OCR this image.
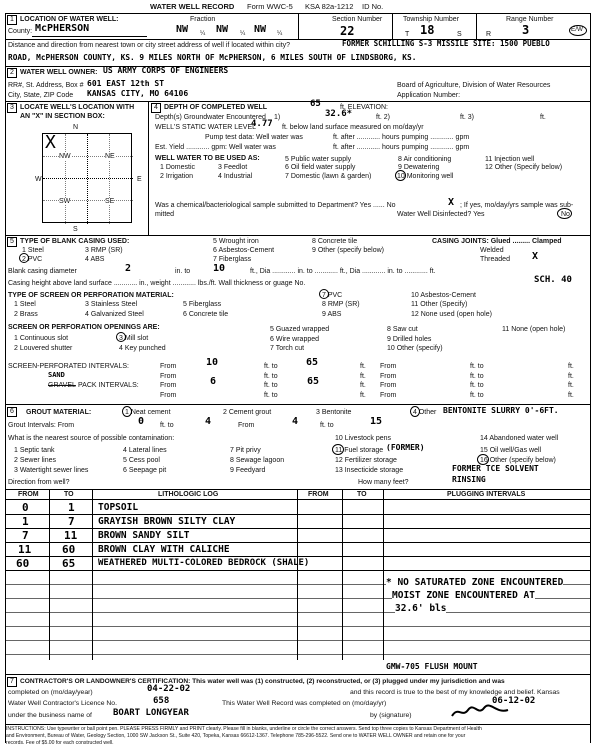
WATER WELL RECORD Form WWC-5 KSA 82a-1212 ID No.
1 LOCATION OF WATER WELL:
County: McPHERSON
Fraction
NW ¼ NW ¼ NW ¼
Section Number
22
Township Number
T 18	S
Range Number
R	3	E/W
Distance and direction from nearest town or city street address of well if located within city?	FORMER SCHILLING S-3 MISSILE SITE: 1500 PUEBLO
ROAD, McPHERSON COUNTY, KS. 9 MILES NORTH OF McPHERSON, 6 MILES SOUTH OF LINDSBORG, KS.
2 WATER WELL OWNER: US ARMY CORPS OF ENGINEERS
RR#, St. Address, Box # 601 EAST 12th ST
City, State, ZIP Code KANSAS CITY, MO 64106
Board of Agriculture, Division of Water Resources
Application Number:
3 LOCATE WELL'S LOCATION WITH
AN "X" IN SECTION BOX:
N
S
W	E
NW	NE
SW	SE
X
4 DEPTH OF COMPLETED WELL	65	ft. ELEVATION:
Depth(s) Groundwater Encountered 1)	32.6*	ft. 2)	ft. 3)	ft.
WELL'S STATIC WATER LEVEL
4.77 ft. below land surface measured on mo/day/yr
Pump test data: Well water was	ft. after ............ hours pumping ............ gpm
Est. Yield ............ gpm: Well water was	ft. after ............ hours pumping ............ gpm
WELL WATER TO BE USED AS:
1 Domestic	3 Feedlot
5 Public water supply
6 Oil field water supply
7 Domestic (lawn & garden)
2 Irrigation	4 Industrial
8 Air conditioning
9 Dewatering
10 Monitoring well
11 Injection well
12 Other (Specify below)
Was a chemical/bacteriological sample submitted to Department? Yes ...... No	X ; If yes, mo/day/yrs sample was sub-
mitted	Water Well Disinfected? Yes	No
5 TYPE OF BLANK CASING USED:
1 Steel
2 PVC
3 RMP (SR)
4 ABS
5 Wrought iron
6 Asbestos-Cement
7 Fiberglass
8 Concrete tile
9 Other (specify below)
CASING JOINTS: Glued ......... Clamped
Welded
Threaded X
Blank casing diameter	2	in. to 10	ft., Dia ............ in. to ............ ft., Dia ............ in. to ............ ft.
Casing height above land surface ............ in., weight ............ lbs./ft. Wall thickness or guage No.	SCH. 40
TYPE OF SCREEN OR PERFORATION MATERIAL:
1 Steel
2 Brass
3 Stainless Steel
4 Galvanized Steel
5 Fiberglass
6 Concrete tile
7 PVC
8 RMP (SR)
9 ABS
10 Asbestos-Cement
11 Other (Specify)
12 None used (open hole)
SCREEN OR PERFORATION OPENINGS ARE:
1 Continuous slot
2 Louvered shutter
3 Mill slot
4 Key punched
5 Guazed wrapped
6 Wire wrapped
7 Torch cut
8 Saw cut
9 Drilled holes
10 Other (specify)
11 None (open hole)
SCREEN-PERFORATED INTERVALS:	From	10	ft. to	65	ft.
From	ft. to	ft.
From	ft. to	ft.
From	ft. to	ft.
SAND
GRAVEL PACK INTERVALS:	From	6	ft. to	65	ft.
From	ft. to	ft.
From	ft. to	ft.
From	ft. to	ft.
6	GROUT MATERIAL:	1 Neat cement	2 Cement grout	3 Bentonite	4 Other BENTONITE SLURRY 0'-6FT.
Grout Intervals: From	0 ft. to	4	From	4	ft. to	15
What is the nearest source of possible contamination:
1 Septic tank
2 Sewer lines
3 Watertight sewer lines
4 Lateral lines
5 Cess pool
6 Seepage pit
7 Pit privy
8 Sewage lagoon
9 Feedyard
10 Livestock pens
11 Fuel storage (FORMER)
12 Fertilizer storage
13 Insecticide storage
14 Abandoned water well
15 Oil well/Gas well
16 Other (specify below)
FORMER TCE SOLVENT
Direction from well?	How many feet?	RINSING
FROM	TO	LITHOLOGIC LOG	FROM	TO	PLUGGING INTERVALS
0	1 TOPSOIL
1	7 GRAYISH BROWN SILTY CLAY
7	11 BROWN SANDY SILT
11	60 BROWN CLAY WITH CALICHE
60	65	WEATHERED MULTI-COLORED BEDROCK (SHALE)
* NO SATURATED ZONE ENCOUNTERED
MOIST ZONE ENCOUNTERED AT
32.6' bls
GMW-705 FLUSH MOUNT
7 CONTRACTOR'S OR LANDOWNER'S CERTIFICATION: This water well was (1) constructed, (2) reconstructed, or (3) plugged under my jurisdiction and was
completed on (mo/day/year)	04-22-02	and this record is true to the best of my knowledge and belief. Kansas
Water Well Contractor's Licence No.	658	This Water Well Record was completed on (mo/day/yr)	06-12-02
under the business name of BOART LONGYEAR	by (signature)
INSTRUCTIONS: Use typewriter or ball point pen. PLEASE PRESS FIRMLY and PRINT clearly. Please fill in blanks, underline or circle the correct answers. Send top three copies to Kansas Department of Health
and Environment, Bureau of Water, Geology Section, 1000 SW Jackson St., Suite 420, Topeka, Kansas 66612-1367. Telephone 785-296-5522. Send one to WATER WELL OWNER and retain one for your
records. Fee of $5.00 for each constructed well.
